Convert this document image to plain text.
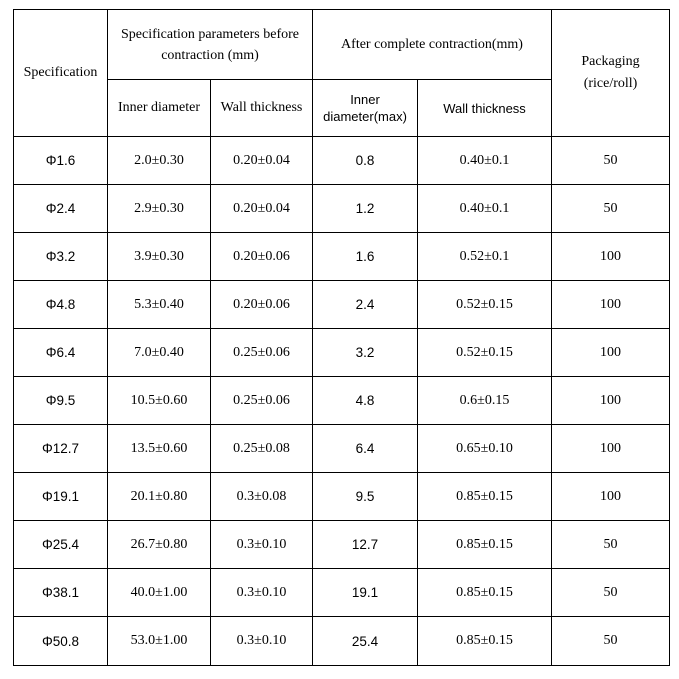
Specification	Specification parameters before contraction (mm)		After complete contraction(mm)		Packaging (rice/roll)
	Inner diameter	Wall thickness	Inner diameter(max)	Wall thickness	
Φ1.6	2.0±0.30	0.20±0.04	0.8	0.40±0.1	50
Φ2.4	2.9±0.30	0.20±0.04	1.2	0.40±0.1	50
Φ3.2	3.9±0.30	0.20±0.06	1.6	0.52±0.1	100
Φ4.8	5.3±0.40	0.20±0.06	2.4	0.52±0.15	100
Φ6.4	7.0±0.40	0.25±0.06	3.2	0.52±0.15	100
Φ9.5	10.5±0.60	0.25±0.06	4.8	0.6±0.15	100
Φ12.7	13.5±0.60	0.25±0.08	6.4	0.65±0.10	100
Φ19.1	20.1±0.80	0.3±0.08	9.5	0.85±0.15	100
Φ25.4	26.7±0.80	0.3±0.10	12.7	0.85±0.15	50
Φ38.1	40.0±1.00	0.3±0.10	19.1	0.85±0.15	50
Φ50.8	53.0±1.00	0.3±0.10	25.4	0.85±0.15	50
